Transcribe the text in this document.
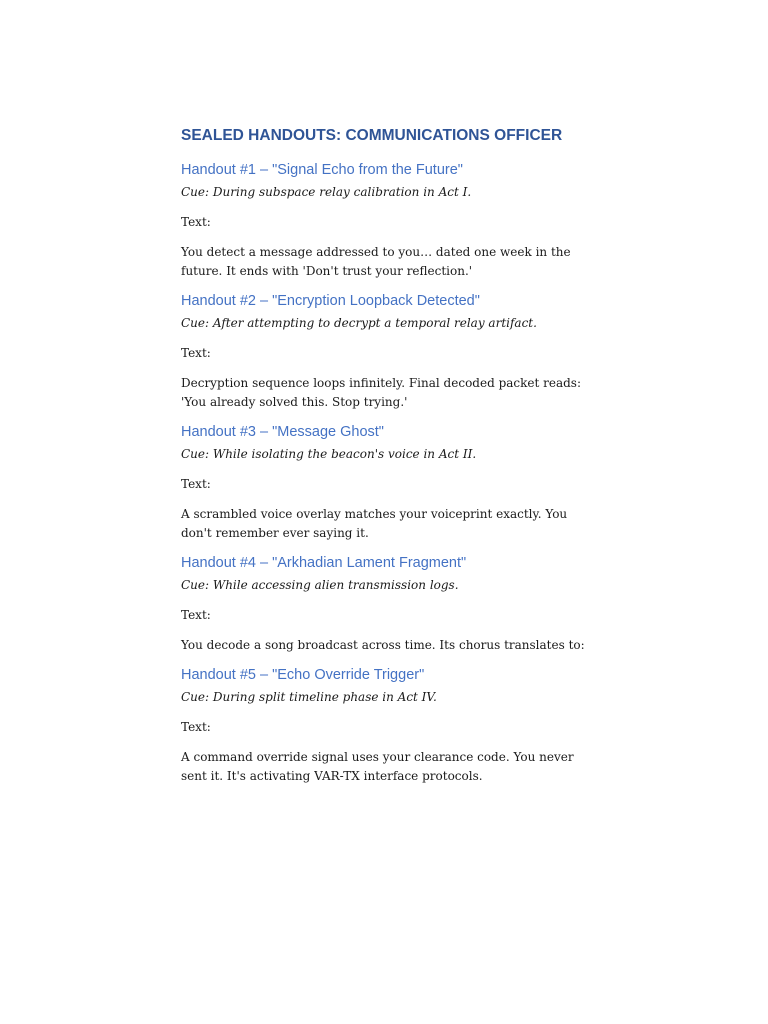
SEALED HANDOUTS: COMMUNICATIONS OFFICER
Handout #1 – "Signal Echo from the Future"

Cue: During subspace relay calibration in Act I.

Text:

You detect a message addressed to you… dated one week in the future. It ends with 'Don't trust your reflection.'

Handout #2 – "Encryption Loopback Detected"

Cue: After attempting to decrypt a temporal relay artifact.

Text:

Decryption sequence loops infinitely. Final decoded packet reads: 'You already solved this. Stop trying.'

Handout #3 – "Message Ghost"

Cue: While isolating the beacon's voice in Act II.

Text:

A scrambled voice overlay matches your voiceprint exactly. You don't remember ever saying it.

Handout #4 – "Arkhadian Lament Fragment"

Cue: While accessing alien transmission logs.

Text:

You decode a song broadcast across time. Its chorus translates to:

Handout #5 – "Echo Override Trigger"

Cue: During split timeline phase in Act IV.

Text:

A command override signal uses your clearance code. You never sent it. It's activating VAR-TX interface protocols.
